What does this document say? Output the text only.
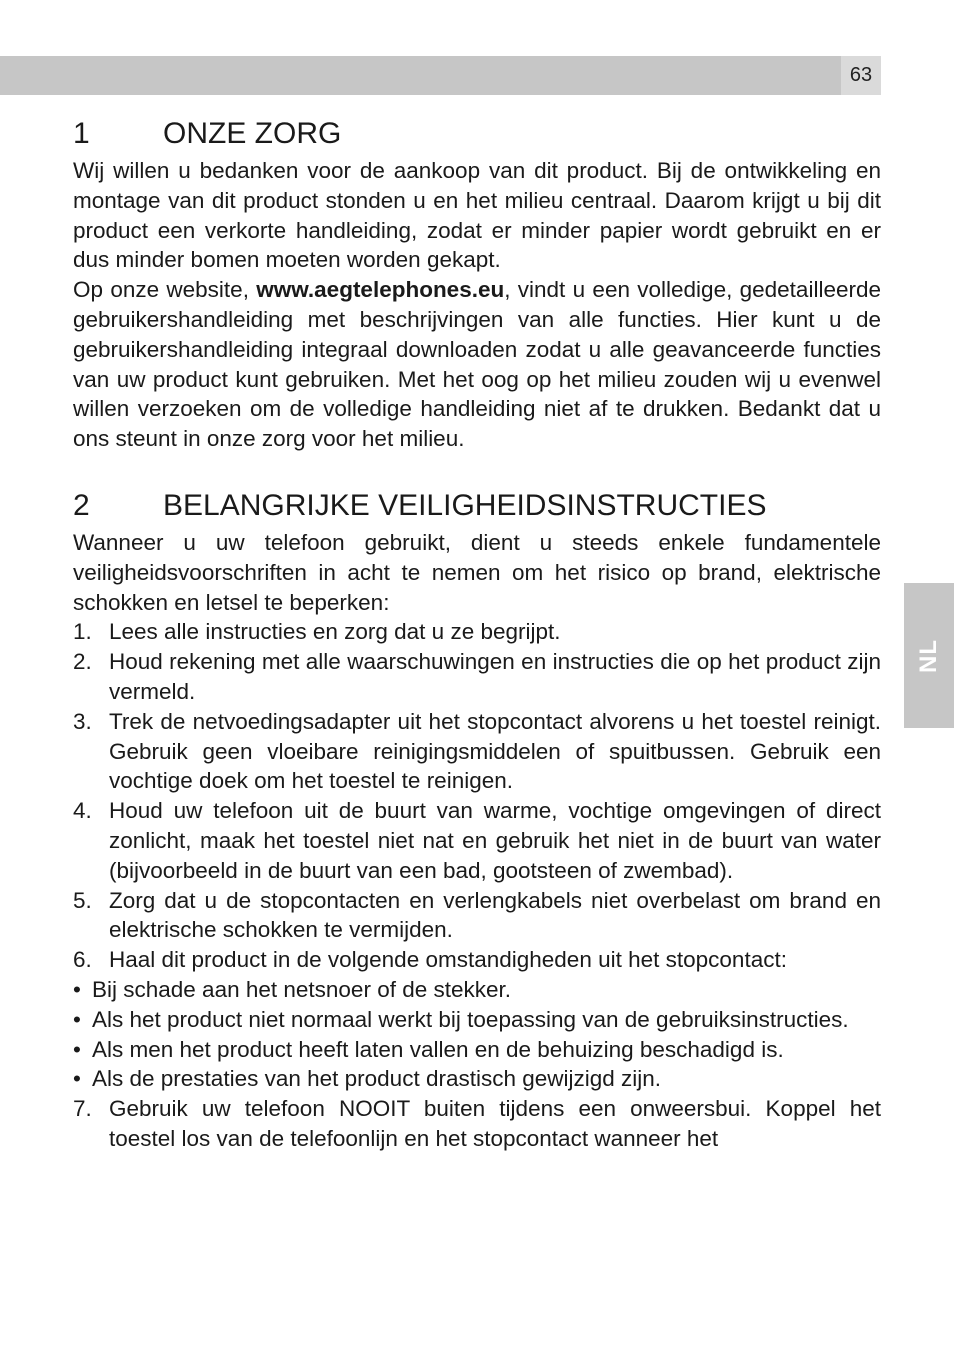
63
NL
1	ONZE ZORG

Wij willen u bedanken voor de aankoop van dit product. Bij de ontwikkeling en montage van dit product stonden u en het milieu centraal. Daarom krijgt u bij dit product een verkorte handleiding, zodat er minder papier wordt gebruikt en er dus minder bomen moeten worden gekapt.

Op onze website, www.aegtelephones.eu, vindt u een volledige, gedetailleerde gebruikershandleiding met beschrijvingen van alle functies. Hier kunt u de gebruikershandleiding integraal downloaden zodat u alle geavanceerde functies van uw product kunt gebruiken. Met het oog op het milieu zouden wij u evenwel willen verzoeken om de volledige handleiding niet af te drukken. Bedankt dat u ons steunt in onze zorg voor het milieu.

2	BELANGRIJKE VEILIGHEIDSINSTRUCTIES

Wanneer u uw telefoon gebruikt, dient u steeds enkele fundamentele veiligheidsvoorschriften in acht te nemen om het risico op brand, elektrische schokken en letsel te beperken:

1. Lees alle instructies en zorg dat u ze begrijpt.
2. Houd rekening met alle waarschuwingen en instructies die op het product zijn vermeld.
3. Trek de netvoedingsadapter uit het stopcontact alvorens u het toestel reinigt. Gebruik geen vloeibare reinigingsmiddelen of spuitbussen. Gebruik een vochtige doek om het toestel te reinigen.
4. Houd uw telefoon uit de buurt van warme, vochtige omgevingen of direct zonlicht, maak het toestel niet nat en gebruik het niet in de buurt van water (bijvoorbeeld in de buurt van een bad, gootsteen of zwembad).
5. Zorg dat u de stopcontacten en verlengkabels niet overbelast om brand en elektrische schokken te vermijden.
6. Haal dit product in de volgende omstandigheden uit het stopcontact:
• Bij schade aan het netsnoer of de stekker.
• Als het product niet normaal werkt bij toepassing van de gebruiksinstructies.
• Als men het product heeft laten vallen en de behuizing beschadigd is.
• Als de prestaties van het product drastisch gewijzigd zijn.
7. Gebruik uw telefoon NOOIT buiten tijdens een onweersbui. Koppel het toestel los van de telefoonlijn en het stopcontact wanneer het
